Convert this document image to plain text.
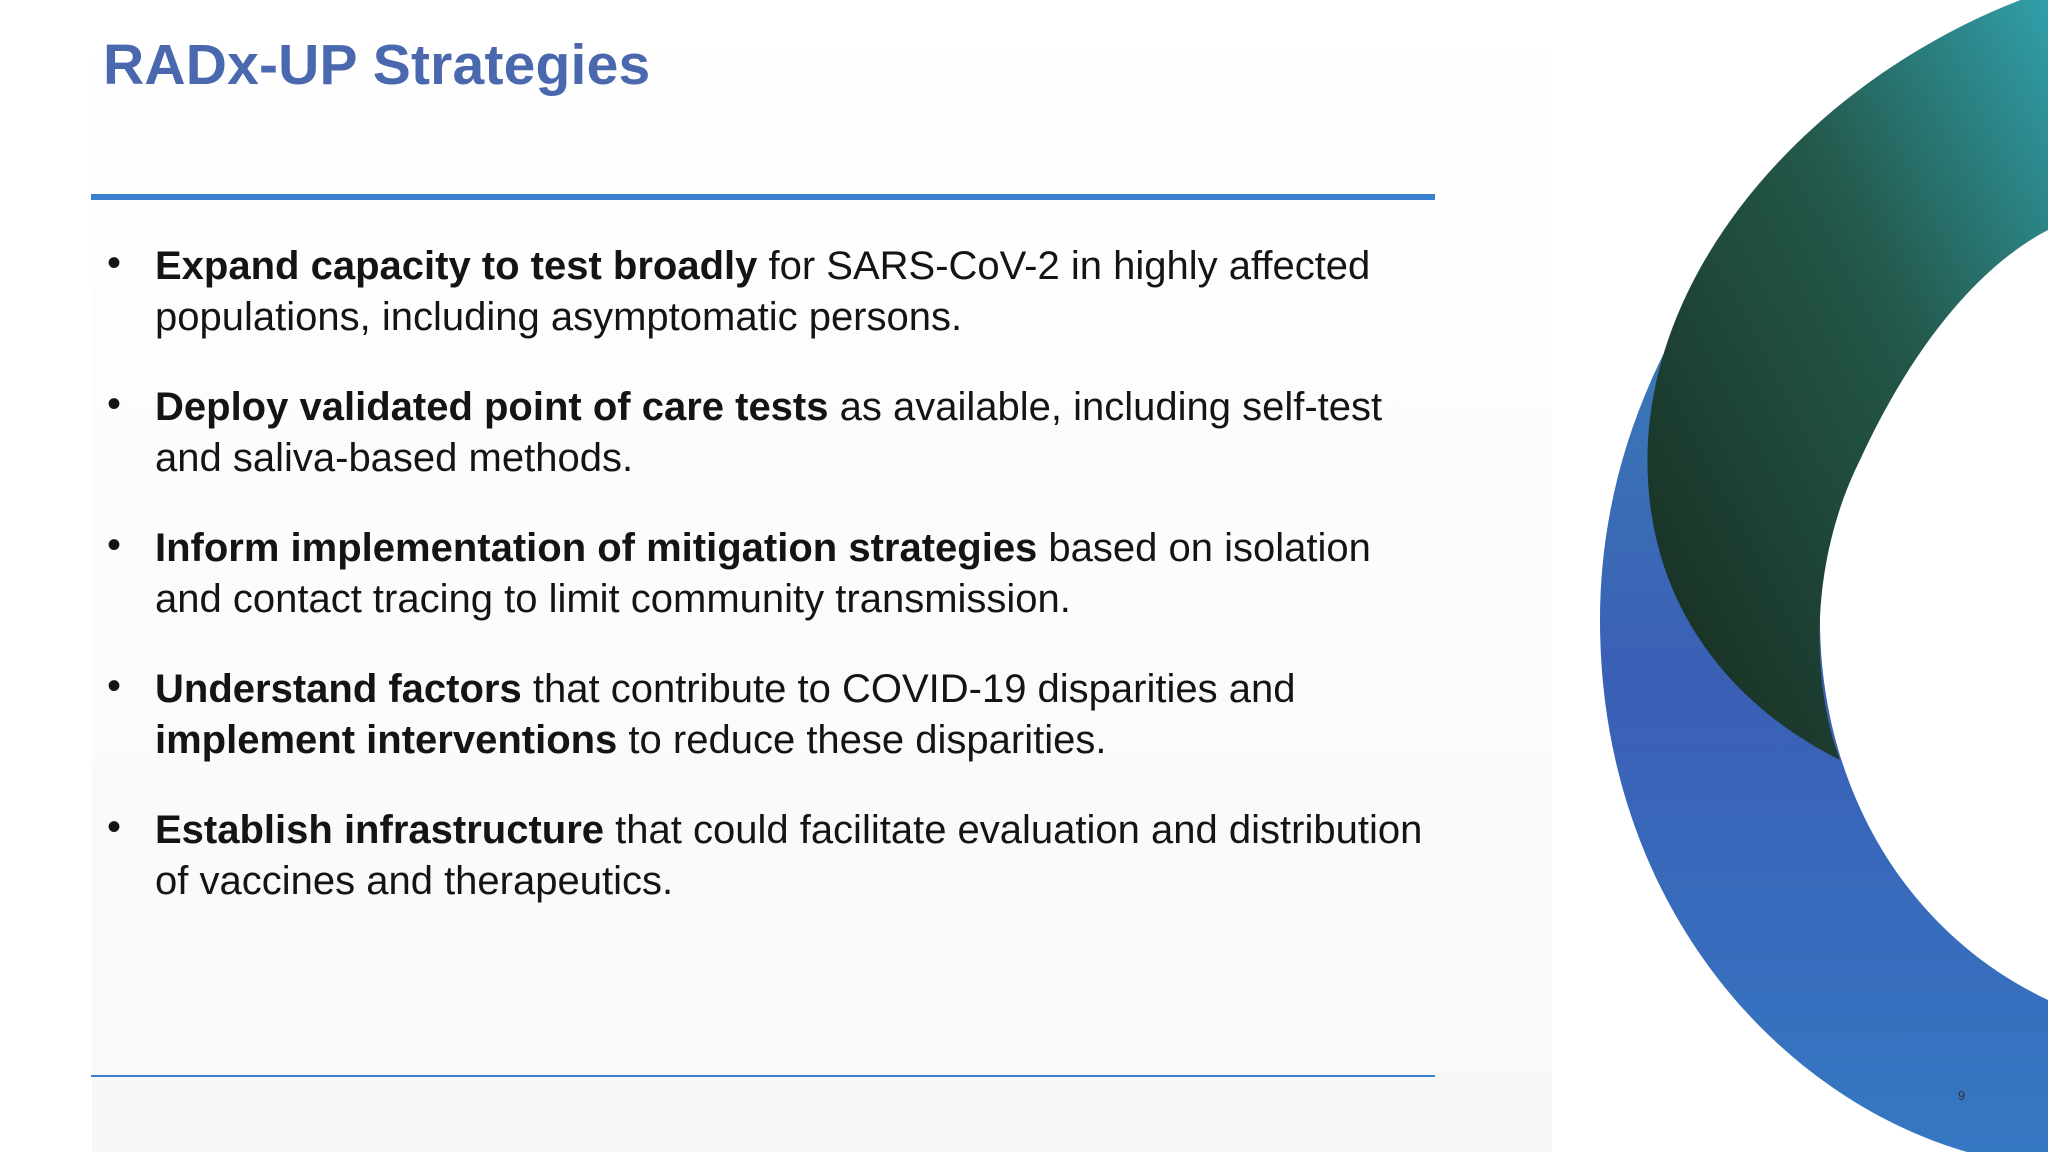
RADx-UP Strategies
• Expand capacity to test broadly for SARS-CoV-2 in highly affected
populations, including asymptomatic persons.
• Deploy validated point of care tests as available, including self-test
and saliva-based methods.
• Inform implementation of mitigation strategies based on isolation
and contact tracing to limit community transmission.
• Understand factors that contribute to COVID-19 disparities and
implement interventions to reduce these disparities.
• Establish infrastructure that could facilitate evaluation and distribution
of vaccines and therapeutics.
9
